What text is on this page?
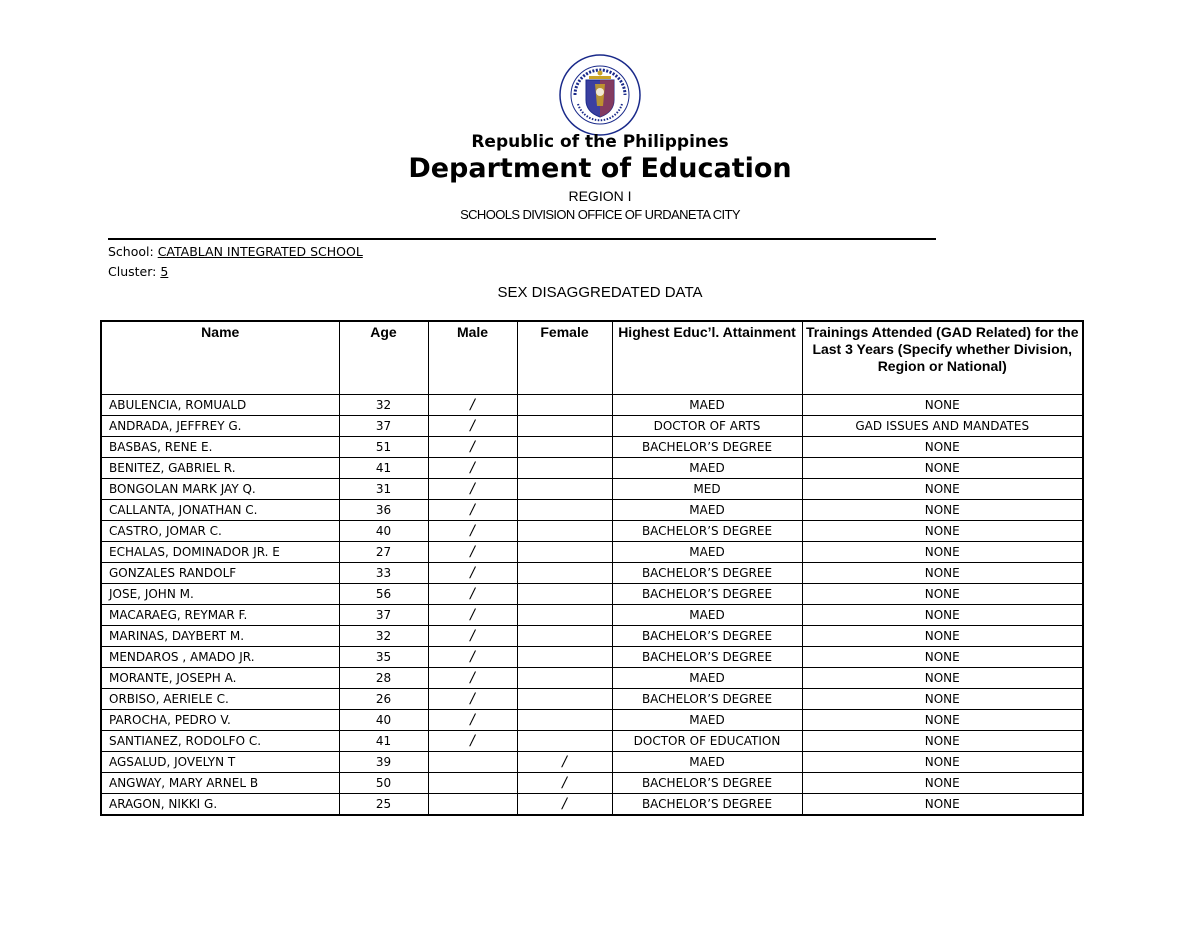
Republic of the Philippines
Department of Education
REGION I
SCHOOLS DIVISION OFFICE OF URDANETA CITY
School: CATABLAN INTEGRATED SCHOOL
Cluster: 5
SEX DISAGGREDATED DATA
Name	Age	Male	Female	Highest Educ’l. Attainment	Trainings Attended (GAD Related) for the Last 3 Years (Specify whether Division, Region or National)
ABULENCIA, ROMUALD	32	/		MAED	NONE
ANDRADA, JEFFREY G.	37	/		DOCTOR OF ARTS	GAD ISSUES AND MANDATES
BASBAS, RENE E.	51	/		BACHELOR’S DEGREE	NONE
BENITEZ, GABRIEL R.	41	/		MAED	NONE
BONGOLAN MARK JAY Q.	31	/		MED	NONE
CALLANTA, JONATHAN C.	36	/		MAED	NONE
CASTRO, JOMAR C.	40	/		BACHELOR’S DEGREE	NONE
ECHALAS, DOMINADOR JR. E	27	/		MAED	NONE
GONZALES RANDOLF	33	/		BACHELOR’S DEGREE	NONE
JOSE, JOHN M.	56	/		BACHELOR’S DEGREE	NONE
MACARAEG, REYMAR F.	37	/		MAED	NONE
MARINAS, DAYBERT M.	32	/		BACHELOR’S DEGREE	NONE
MENDAROS , AMADO JR.	35	/		BACHELOR’S DEGREE	NONE
MORANTE, JOSEPH A.	28	/		MAED	NONE
ORBISO, AERIELE C.	26	/		BACHELOR’S DEGREE	NONE
PAROCHA, PEDRO V.	40	/		MAED	NONE
SANTIANEZ, RODOLFO C.	41	/		DOCTOR OF EDUCATION	NONE
AGSALUD, JOVELYN T	39		/	MAED	NONE
ANGWAY, MARY ARNEL B	50		/	BACHELOR’S DEGREE	NONE
ARAGON, NIKKI G.	25		/	BACHELOR’S DEGREE	NONE
